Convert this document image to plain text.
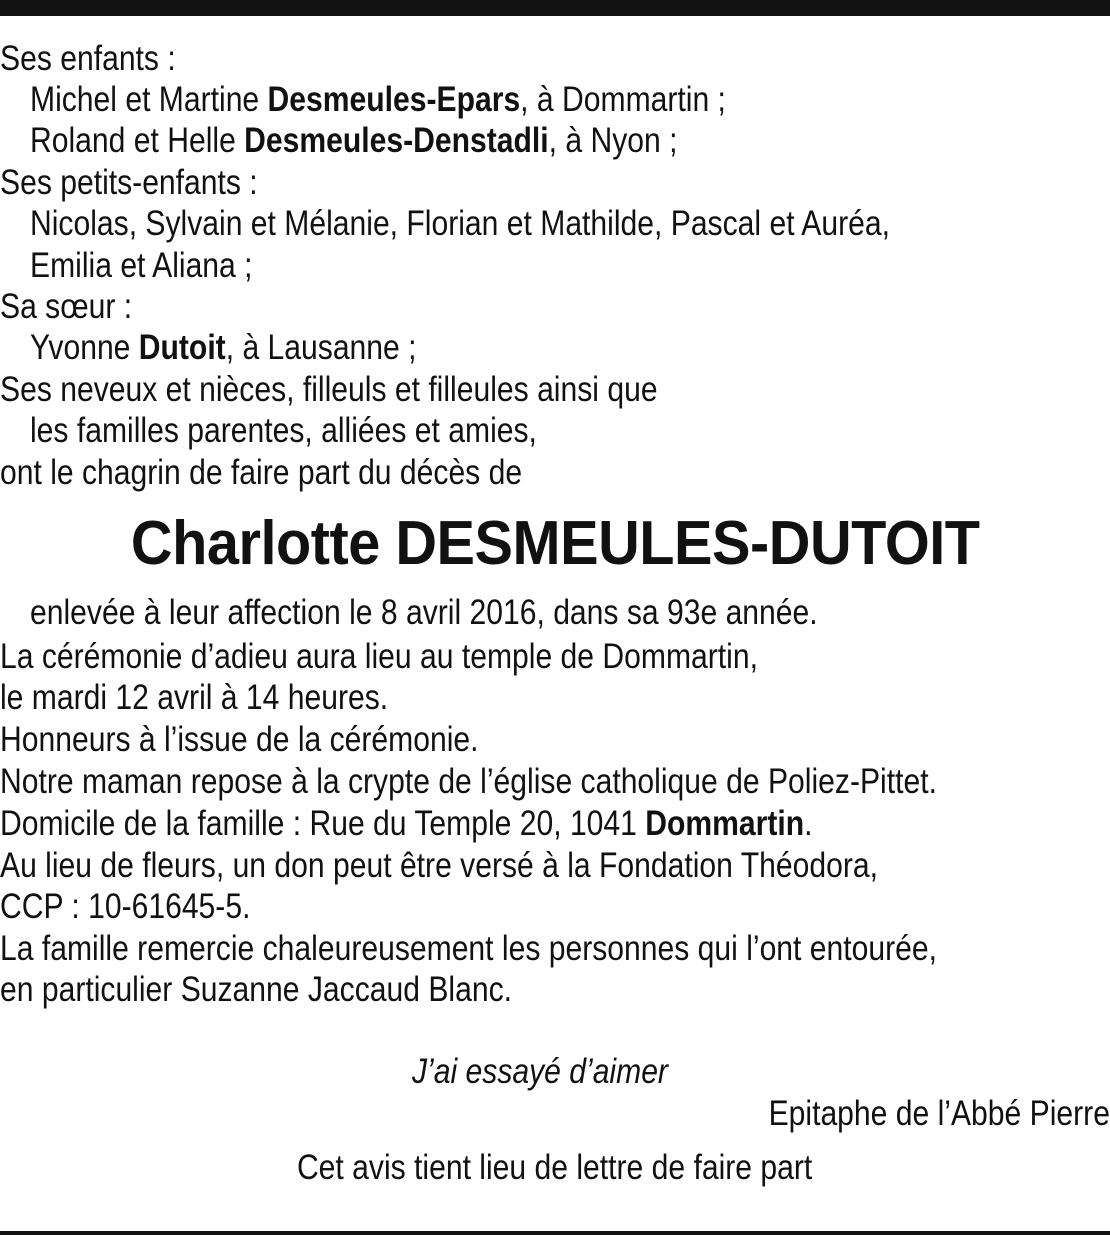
Ses enfants :
Michel et Martine Desmeules-Epars, à Dommartin ;
Roland et Helle Desmeules-Denstadli, à Nyon ;
Ses petits-enfants :
Nicolas, Sylvain et Mélanie, Florian et Mathilde, Pascal et Auréa,
Emilia et Aliana ;
Sa sœur :
Yvonne Dutoit, à Lausanne ;
Ses neveux et nièces, filleuls et filleules ainsi que
les familles parentes, alliées et amies,
ont le chagrin de faire part du décès de
Charlotte DESMEULES-DUTOIT
enlevée à leur affection le 8 avril 2016, dans sa 93e année.
La cérémonie d’adieu aura lieu au temple de Dommartin,
le mardi 12 avril à 14 heures.
Honneurs à l’issue de la cérémonie.
Notre maman repose à la crypte de l’église catholique de Poliez-Pittet.
Domicile de la famille : Rue du Temple 20, 1041 Dommartin.
Au lieu de fleurs, un don peut être versé à la Fondation Théodora,
CCP : 10-61645-5.
La famille remercie chaleureusement les personnes qui l’ont entourée,
en particulier Suzanne Jaccaud Blanc.
J’ai essayé d’aimer
Epitaphe de l’Abbé Pierre
Cet avis tient lieu de lettre de faire part
